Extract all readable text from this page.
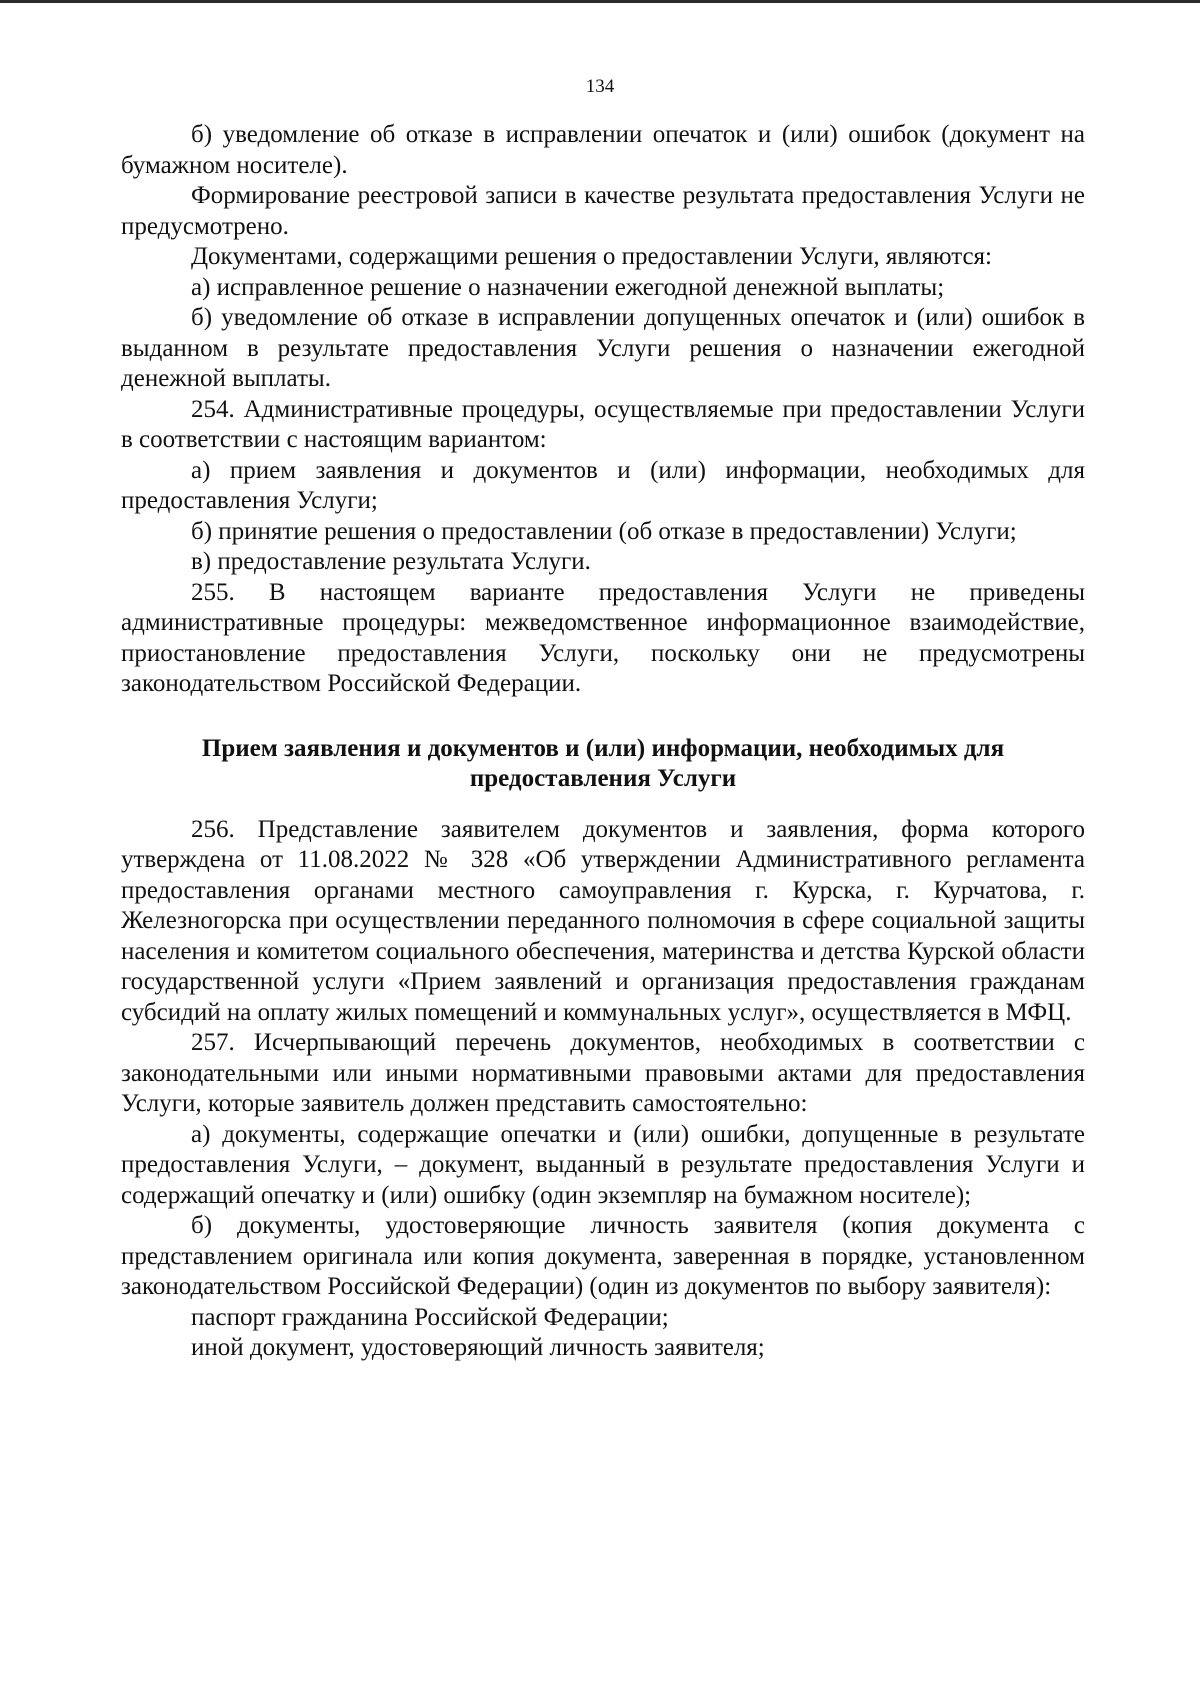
134

б) уведомление об отказе в исправлении опечаток и (или) ошибок (документ на бумажном носителе).

Формирование реестровой записи в качестве результата предоставления Услуги не предусмотрено.

Документами, содержащими решения о предоставлении Услуги, являются:

а) исправленное решение о назначении ежегодной денежной выплаты;

б) уведомление об отказе в исправлении допущенных опечаток и (или) ошибок в выданном в результате предоставления Услуги решения о назначении ежегодной денежной выплаты.

254. Административные процедуры, осуществляемые при предоставлении Услуги в соответствии с настоящим вариантом:

а) прием заявления и документов и (или) информации, необходимых для предоставления Услуги;

б) принятие решения о предоставлении (об отказе в предоставлении) Услуги;

в) предоставление результата Услуги.

255. В настоящем варианте предоставления Услуги не приведены административные процедуры: межведомственное информационное взаимодействие, приостановление предоставления Услуги, поскольку они не предусмотрены законодательством Российской Федерации.

Прием заявления и документов и (или) информации, необходимых для
предоставления Услуги

256. Представление заявителем документов и заявления, форма которого утверждена от 11.08.2022 № 328 «Об утверждении Административного регламента предоставления органами местного самоуправления г. Курска, г. Курчатова, г. Железногорска при осуществлении переданного полномочия в сфере социальной защиты населения и комитетом социального обеспечения, материнства и детства Курской области государственной услуги «Прием заявлений и организация предоставления гражданам субсидий на оплату жилых помещений и коммунальных услуг», осуществляется в МФЦ.

257. Исчерпывающий перечень документов, необходимых в соответствии с законодательными или иными нормативными правовыми актами для предоставления Услуги, которые заявитель должен представить самостоятельно:

а) документы, содержащие опечатки и (или) ошибки, допущенные в результате предоставления Услуги, – документ, выданный в результате предоставления Услуги и содержащий опечатку и (или) ошибку (один экземпляр на бумажном носителе);

б) документы, удостоверяющие личность заявителя (копия документа с представлением оригинала или копия документа, заверенная в порядке, установленном законодательством Российской Федерации) (один из документов по выбору заявителя):

паспорт гражданина Российской Федерации;

иной документ, удостоверяющий личность заявителя;
